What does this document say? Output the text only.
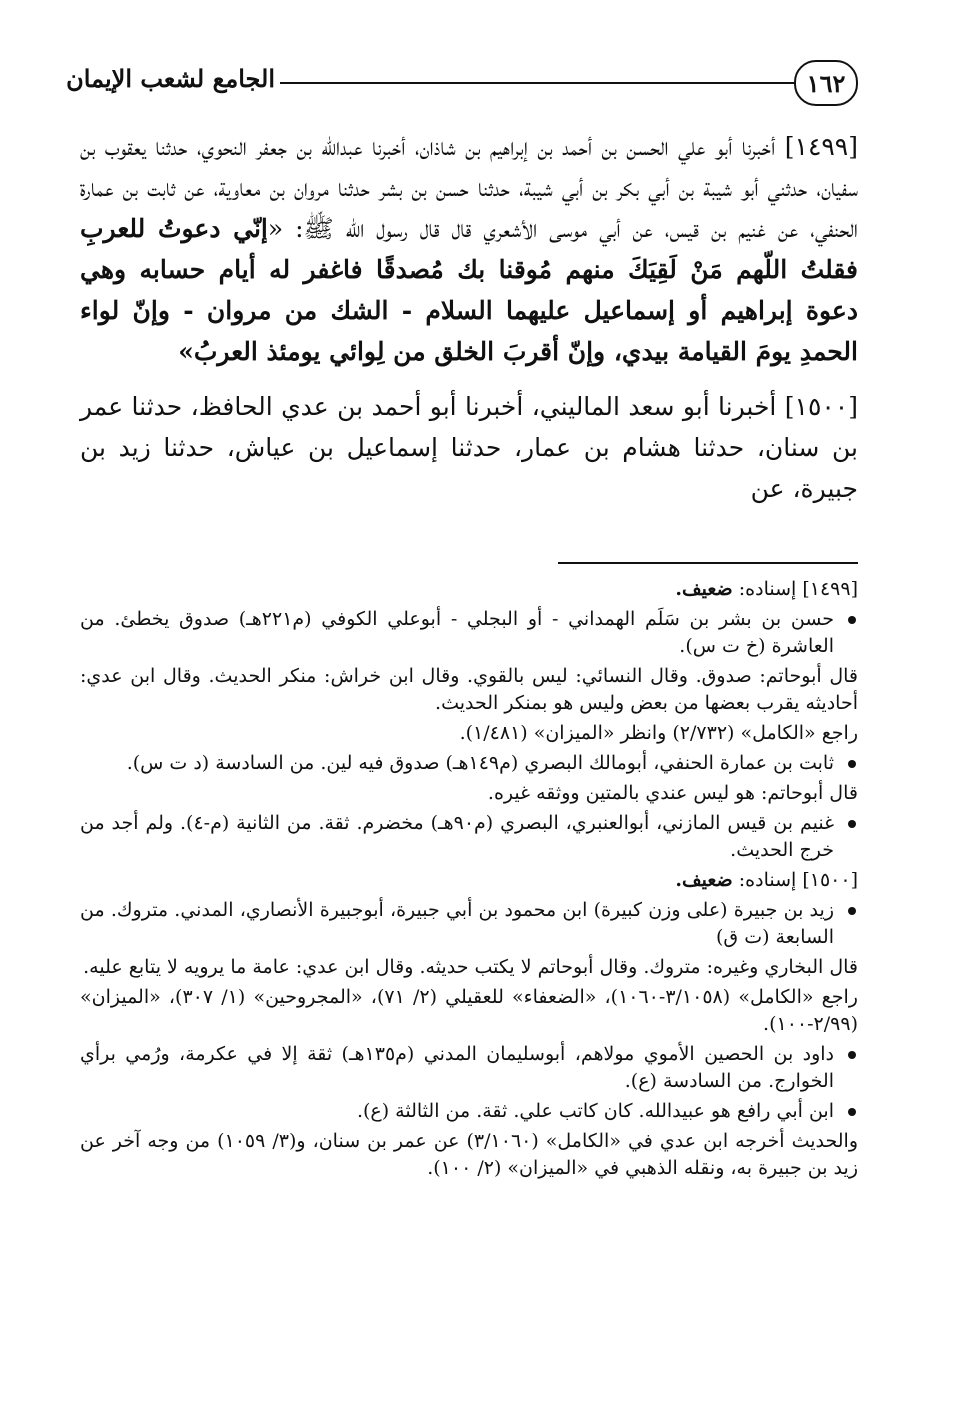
١٦٢
الجامع لشعب الإيمان

[١٤٩٩] أخبرنا أبو علي الحسن بن أحمد بن إبراهيم بن شاذان، أخبرنا عبدالله بن جعفر النحوي، حدثنا يعقوب بن سفيان، حدثني أبو شيبة بن أبي بكر بن أبي شيبة، حدثنا حسن بن بشر حدثنا مروان بن معاوية، عن ثابت بن عمارة الحنفي، عن غنيم بن قيس، عن أبي موسى الأشعري قال قال رسول الله ﷺ: «إنّي دعوتُ للعربِ فقلتُ اللّهم مَنْ لَقِيَكَ منهم مُوقنا بك مُصدقًا فاغفر له أيام حسابه وهي دعوة إبراهيم أو إسماعيل عليهما السلام - الشك من مروان - وإنّ لواء الحمدِ يومَ القيامة بيدي، وإنّ أقربَ الخلق من لِوائي يومئذ العربُ»

[١٥٠٠] أخبرنا أبو سعد الماليني، أخبرنا أبو أحمد بن عدي الحافظ، حدثنا عمر بن سنان، حدثنا هشام بن عمار، حدثنا إسماعيل بن عياش، حدثنا زيد بن جبيرة، عن

[١٤٩٩] إسناده: ضعيف.

حسن بن بشر بن سَلَم الهمداني - أو البجلي - أبوعلي الكوفي (م٢٢١هـ) صدوق يخطئ. من العاشرة (خ ت س).

قال أبوحاتم: صدوق. وقال النسائي: ليس بالقوي. وقال ابن خراش: منكر الحديث. وقال ابن عدي: أحاديثه يقرب بعضها من بعض وليس هو بمنكر الحديث.

راجع «الكامل» (٢/٧٣٢) وانظر «الميزان» (١/٤٨١).

ثابت بن عمارة الحنفي، أبومالك البصري (م١٤٩هـ) صدوق فيه لين. من السادسة (د ت س).

قال أبوحاتم: هو ليس عندي بالمتين ووثقه غيره.

غنيم بن قيس المازني، أبوالعنبري، البصري (م٩٠هـ) مخضرم. ثقة. من الثانية (م-٤). ولم أجد من خرج الحديث.

[١٥٠٠] إسناده: ضعيف.

زيد بن جبيرة (على وزن كبيرة) ابن محمود بن أبي جبيرة، أبوجبيرة الأنصاري، المدني. متروك. من السابعة (ت ق)

قال البخاري وغيره: متروك. وقال أبوحاتم لا يكتب حديثه. وقال ابن عدي: عامة ما يرويه لا يتابع عليه.

راجع «الكامل» (٣/١٠٥٨-١٠٦٠)، «الضعفاء» للعقيلي (٢/ ٧١)، «المجروحين» (١/ ٣٠٧)، «الميزان» (٢/٩٩-١٠٠).

داود بن الحصين الأموي مولاهم، أبوسليمان المدني (م١٣٥هـ) ثقة إلا في عكرمة، ورُمي برأي الخوارج. من السادسة (ع).

ابن أبي رافع هو عبيدالله. كان كاتب علي. ثقة. من الثالثة (ع).

والحديث أخرجه ابن عدي في «الكامل» (٣/١٠٦٠) عن عمر بن سنان، و(٣/ ١٠٥٩) من وجه آخر عن زيد بن جبيرة به، ونقله الذهبي في «الميزان» (٢/ ١٠٠).
